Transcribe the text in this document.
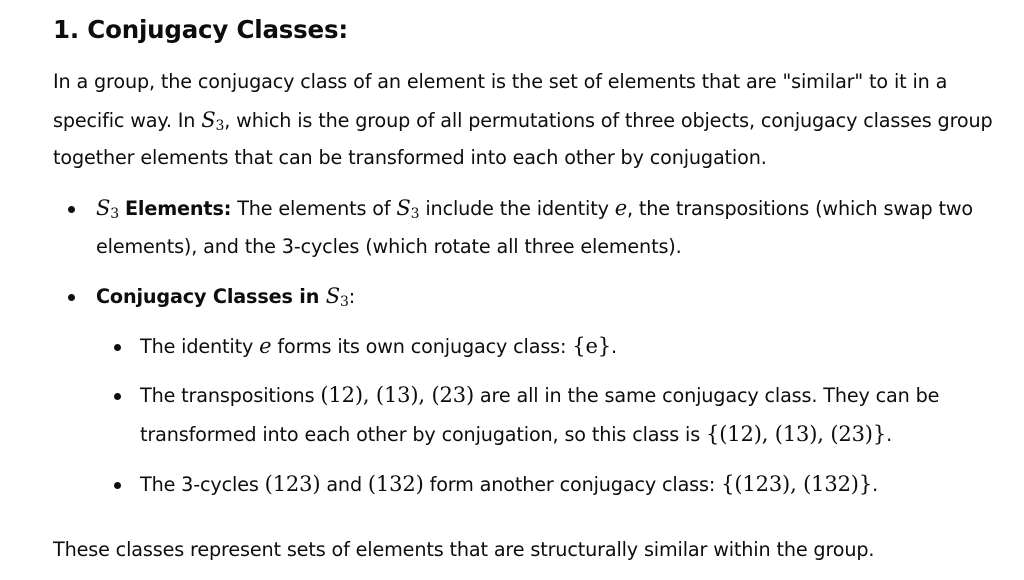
1. Conjugacy Classes:

In a group, the conjugacy class of an element is the set of elements that are "similar" to it in a

specific way. In $S_3$, which is the group of all permutations of three objects, conjugacy classes group

together elements that can be transformed into each other by conjugation.

$S_3$ Elements: The elements of $S_3$ include the identity e, the transpositions (which swap two
elements), and the 3-cycles (which rotate all three elements).
Conjugacy Classes in $S_3$:
The identity e forms its own conjugacy class: {e}.
The transpositions (12), (13), (23) are all in the same conjugacy class. They can be
transformed into each other by conjugation, so this class is {(12), (13), (23)}.
The 3-cycles (123) and (132) form another conjugacy class: {(123), (132)}.

These classes represent sets of elements that are structurally similar within the group.
